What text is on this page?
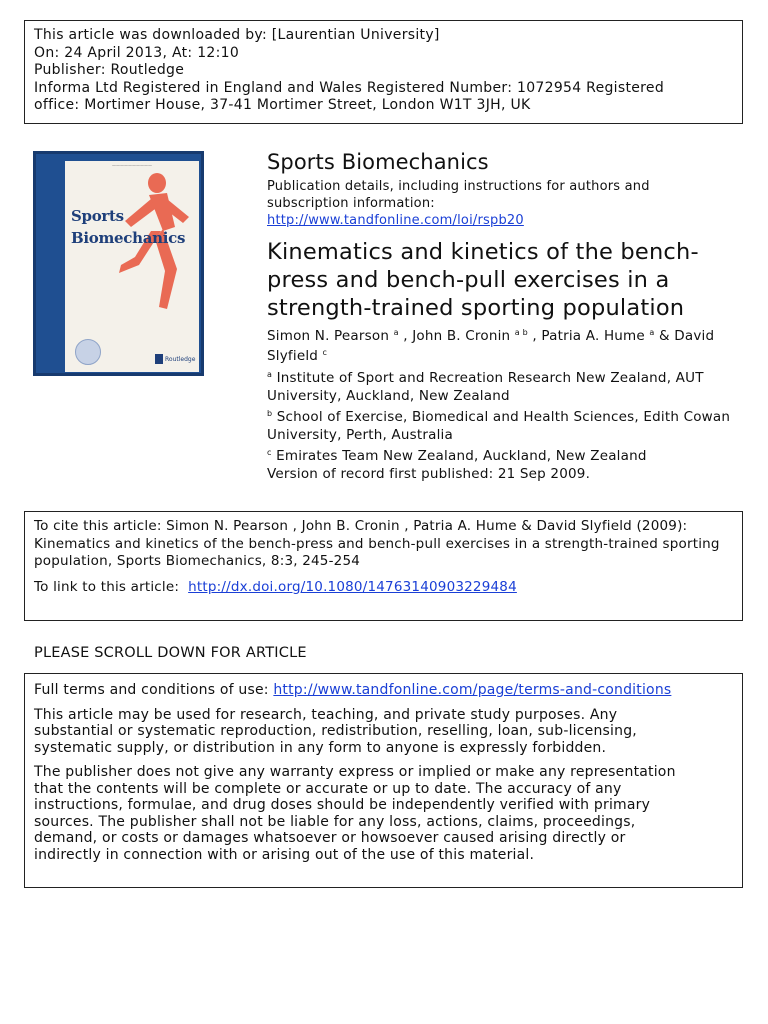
This article was downloaded by: [Laurentian University]
On: 24 April 2013, At: 12:10
Publisher: Routledge
Informa Ltd Registered in England and Wales Registered Number: 1072954 Registered
office: Mortimer House, 37-41 Mortimer Street, London W1T 3JH, UK
——————————
Sports
Biomechanics
Routledge
Sports Biomechanics
Publication details, including instructions for authors and
subscription information:
http://www.tandfonline.com/loi/rspb20
Kinematics and kinetics of the bench-
press and bench-pull exercises in a
strength-trained sporting population
Simon N. Pearson $^a$ , John B. Cronin $^{a b}$ , Patria A. Hume $^a$ & David Slyfield $^c$
$^a$ Institute of Sport and Recreation Research New Zealand, AUT
University, Auckland, New Zealand
$^b$ School of Exercise, Biomedical and Health Sciences, Edith Cowan
University, Perth, Australia
$^c$ Emirates Team New Zealand, Auckland, New Zealand
Version of record first published: 21 Sep 2009.
To cite this article: Simon N. Pearson , John B. Cronin , Patria A. Hume & David Slyfield (2009):
Kinematics and kinetics of the bench-press and bench-pull exercises in a strength-trained sporting
population, Sports Biomechanics, 8:3, 245-254
To link to this article: http://dx.doi.org/10.1080/14763140903229484
PLEASE SCROLL DOWN FOR ARTICLE

Full terms and conditions of use: http://www.tandfonline.com/page/terms-and-conditions

This article may be used for research, teaching, and private study purposes. Any
substantial or systematic reproduction, redistribution, reselling, loan, sub-licensing,
systematic supply, or distribution in any form to anyone is expressly forbidden.

The publisher does not give any warranty express or implied or make any representation
that the contents will be complete or accurate or up to date. The accuracy of any
instructions, formulae, and drug doses should be independently verified with primary
sources. The publisher shall not be liable for any loss, actions, claims, proceedings,
demand, or costs or damages whatsoever or howsoever caused arising directly or
indirectly in connection with or arising out of the use of this material.
